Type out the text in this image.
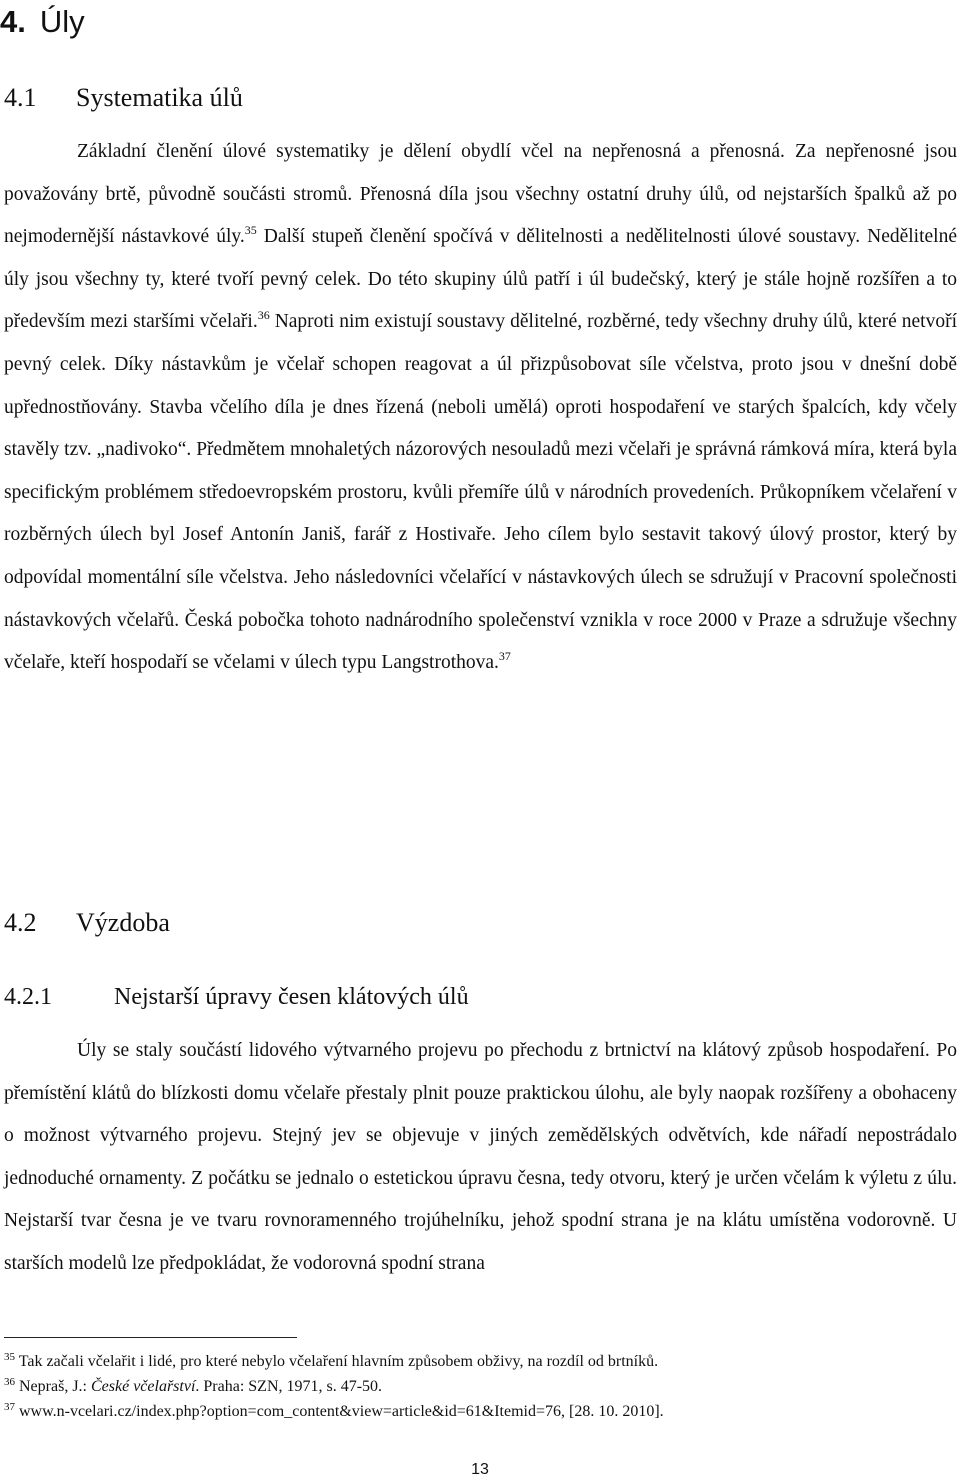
4. Úly
4.1 Systematika úlů

Základní členění úlové systematiky je dělení obydlí včel na nepřenosná a přenosná. Za nepřenosné jsou považovány brtě, původně součásti stromů. Přenosná díla jsou všechny ostatní druhy úlů, od nejstarších špalků až po nejmodernější nástavkové úly.$^{35}$ Další stupeň členění spočívá v dělitelnosti a nedělitelnosti úlové soustavy. Nedělitelné úly jsou všechny ty, které tvoří pevný celek. Do této skupiny úlů patří i úl budečský, který je stále hojně rozšířen a to především mezi staršími včelaři.$^{36}$ Naproti nim existují soustavy dělitelné, rozběrné, tedy všechny druhy úlů, které netvoří pevný celek. Díky nástavkům je včelař schopen reagovat a úl přizpůsobovat síle včelstva, proto jsou v dnešní době upřednostňovány. Stavba včelího díla je dnes řízená (neboli umělá) oproti hospodaření ve starých špalcích, kdy včely stavěly tzv. „nadivoko“. Předmětem mnohaletých názorových nesouladů mezi včelaři je správná rámková míra, která byla specifickým problémem středoevropském prostoru, kvůli přemíře úlů v národních provedeních. Průkopníkem včelaření v rozběrných úlech byl Josef Antonín Janiš, farář z Hostivaře. Jeho cílem bylo sestavit takový úlový prostor, který by odpovídal momentální síle včelstva. Jeho následovníci včelařící v nástavkových úlech se sdružují v Pracovní společnosti nástavkových včelařů. Česká pobočka tohoto nadnárodního společenství vznikla v roce 2000 v Praze a sdružuje všechny včelaře, kteří hospodaří se včelami v úlech typu Langstrothova.$^{37}$

4.2 Výzdoba
4.2.1	Nejstarší úpravy česen klátových úlů

Úly se staly součástí lidového výtvarného projevu po přechodu z brtnictví na klátový způsob hospodaření. Po přemístění klátů do blízkosti domu včelaře přestaly plnit pouze praktickou úlohu, ale byly naopak rozšířeny a obohaceny o možnost výtvarného projevu. Stejný jev se objevuje v jiných zemědělských odvětvích, kde nářadí nepostrádalo jednoduché ornamenty. Z počátku se jednalo o estetickou úpravu česna, tedy otvoru, který je určen včelám k výletu z úlu. Nejstarší tvar česna je ve tvaru rovnoramenného trojúhelníku, jehož spodní strana je na klátu umístěna vodorovně. U starších modelů lze předpokládat, že vodorovná spodní strana

$^{35}$ Tak začali včelařit i lidé, pro které nebylo včelaření hlavním způsobem obživy, na rozdíl od brtníků.

$^{36}$ Nepraš, J.: České včelařství. Praha: SZN, 1971, s. 47-50.

$^{37}$ www.n-vcelari.cz/index.php?option=com_content&view=article&id=61&Itemid=76, [28. 10. 2010].

13
